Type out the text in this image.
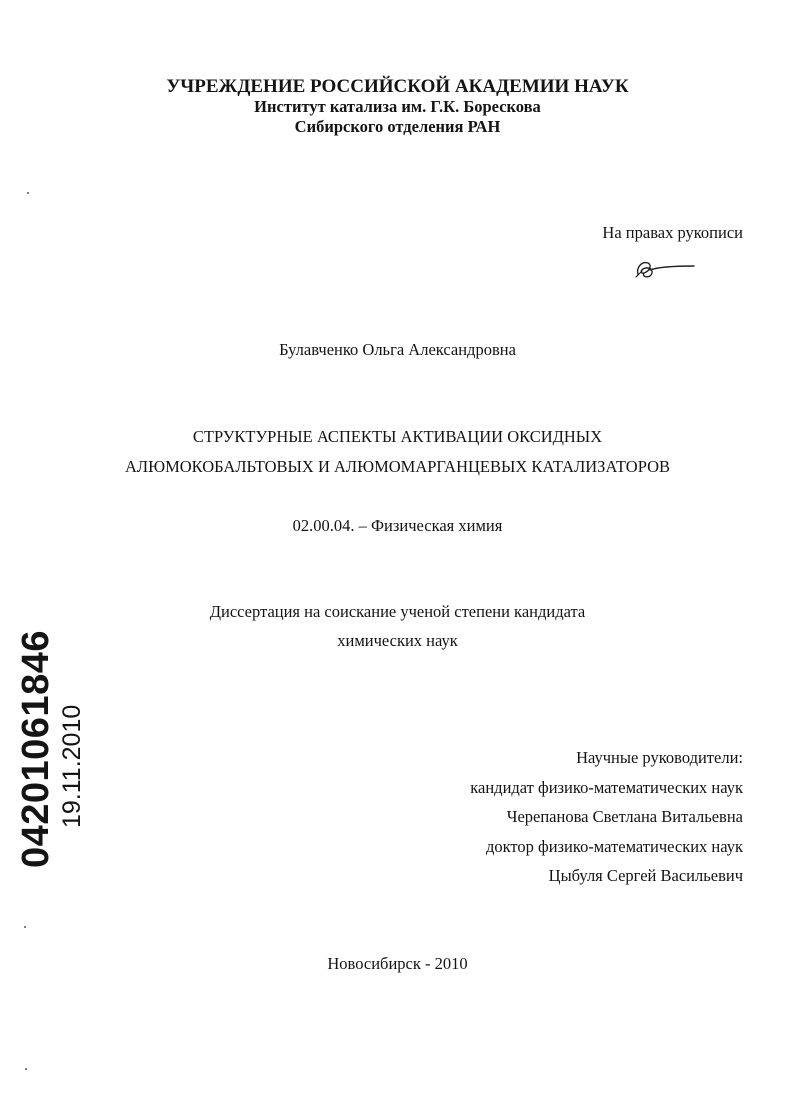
УЧРЕЖДЕНИЕ РОССИЙСКОЙ АКАДЕМИИ НАУК
Институт катализа им. Г.К. Борескова
Сибирского отделения РАН
На правах рукописи
Булавченко Ольга Александровна
СТРУКТУРНЫЕ АСПЕКТЫ АКТИВАЦИИ ОКСИДНЫХ
АЛЮМОКОБАЛЬТОВЫХ И АЛЮМОМАРГАНЦЕВЫХ КАТАЛИЗАТОРОВ
02.00.04. – Физическая химия
Диссертация на соискание ученой степени кандидата
химических наук
Научные руководители:
кандидат физико-математических наук
Черепанова Светлана Витальевна
доктор физико-математических наук
Цыбуля Сергей Васильевич
Новосибирск - 2010
04201061846 19.11.2010
